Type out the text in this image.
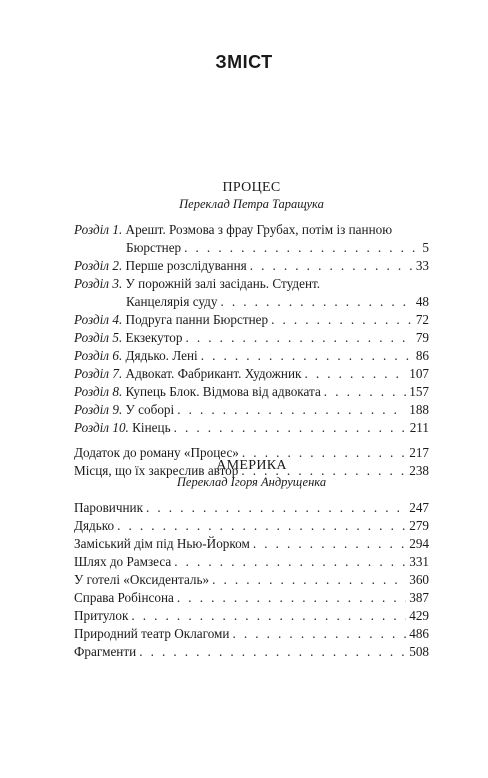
ЗМІСТ
ПРОЦЕС
Переклад Петра Таращука
Розділ 1. Арешт. Розмова з фрау Грубах, потім із панною
Бюрстнер . . .	5
Розділ 2. Перше розслідування . . .	33
Розділ 3. У порожній залі засідань. Студент.
Канцелярія суду . . .	48
Розділ 4. Подруга панни Бюрстнер . . .	72
Розділ 5. Екзекутор . . .	79
Розділ 6. Дядько. Лені . . .	86
Розділ 7. Адвокат. Фабрикант. Художник . . .	107
Розділ 8. Купець Блок. Відмова від адвоката . . .	157
Розділ 9. У соборі . . .	188
Розділ 10. Кінець . . .	211
Додаток до роману «Процес» . . .	217
Місця, що їх закреслив автор . . .	238
АМЕРИКА
Переклад Ігоря Андрущенка
Паровичник . . .	247
Дядько . . .	279
Заміський дім під Нью-Йорком . . .	294
Шлях до Рамзеса . . .	331
У готелі «Оксиденталь» . . .	360
Справа Робінсона . . .	387
Притулок . . .	429
Природний театр Оклагоми . . .	486
Фрагменти . . .	508
